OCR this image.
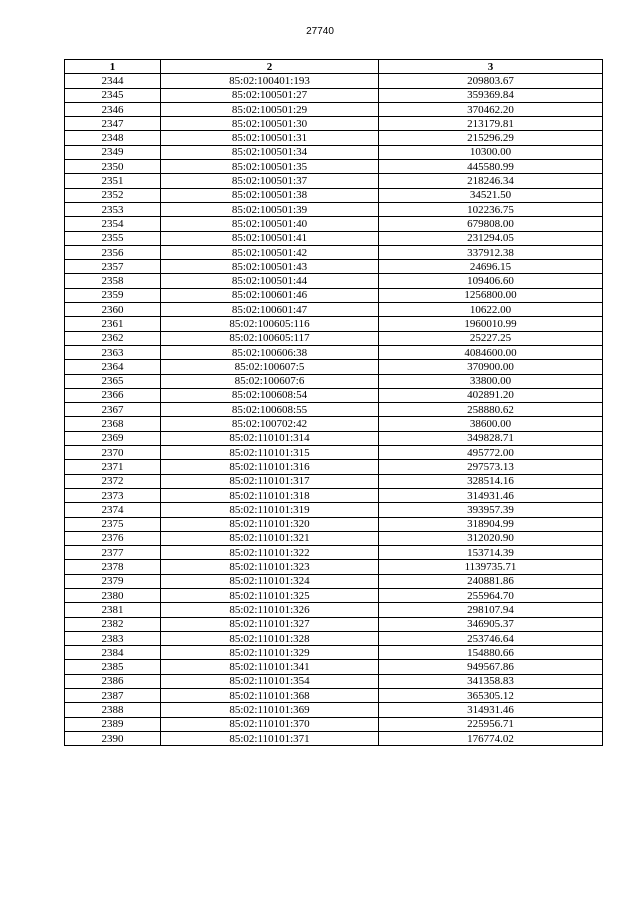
27740
1	2	3
2344	85:02:100401:193	209803.67
2345	85:02:100501:27	359369.84
2346	85:02:100501:29	370462.20
2347	85:02:100501:30	213179.81
2348	85:02:100501:31	215296.29
2349	85:02:100501:34	10300.00
2350	85:02:100501:35	445580.99
2351	85:02:100501:37	218246.34
2352	85:02:100501:38	34521.50
2353	85:02:100501:39	102236.75
2354	85:02:100501:40	679808.00
2355	85:02:100501:41	231294.05
2356	85:02:100501:42	337912.38
2357	85:02:100501:43	24696.15
2358	85:02:100501:44	109406.60
2359	85:02:100601:46	1256800.00
2360	85:02:100601:47	10622.00
2361	85:02:100605:116	1960010.99
2362	85:02:100605:117	25227.25
2363	85:02:100606:38	4084600.00
2364	85:02:100607:5	370900.00
2365	85:02:100607:6	33800.00
2366	85:02:100608:54	402891.20
2367	85:02:100608:55	258880.62
2368	85:02:100702:42	38600.00
2369	85:02:110101:314	349828.71
2370	85:02:110101:315	495772.00
2371	85:02:110101:316	297573.13
2372	85:02:110101:317	328514.16
2373	85:02:110101:318	314931.46
2374	85:02:110101:319	393957.39
2375	85:02:110101:320	318904.99
2376	85:02:110101:321	312020.90
2377	85:02:110101:322	153714.39
2378	85:02:110101:323	1139735.71
2379	85:02:110101:324	240881.86
2380	85:02:110101:325	255964.70
2381	85:02:110101:326	298107.94
2382	85:02:110101:327	346905.37
2383	85:02:110101:328	253746.64
2384	85:02:110101:329	154880.66
2385	85:02:110101:341	949567.86
2386	85:02:110101:354	341358.83
2387	85:02:110101:368	365305.12
2388	85:02:110101:369	314931.46
2389	85:02:110101:370	225956.71
2390	85:02:110101:371	176774.02
